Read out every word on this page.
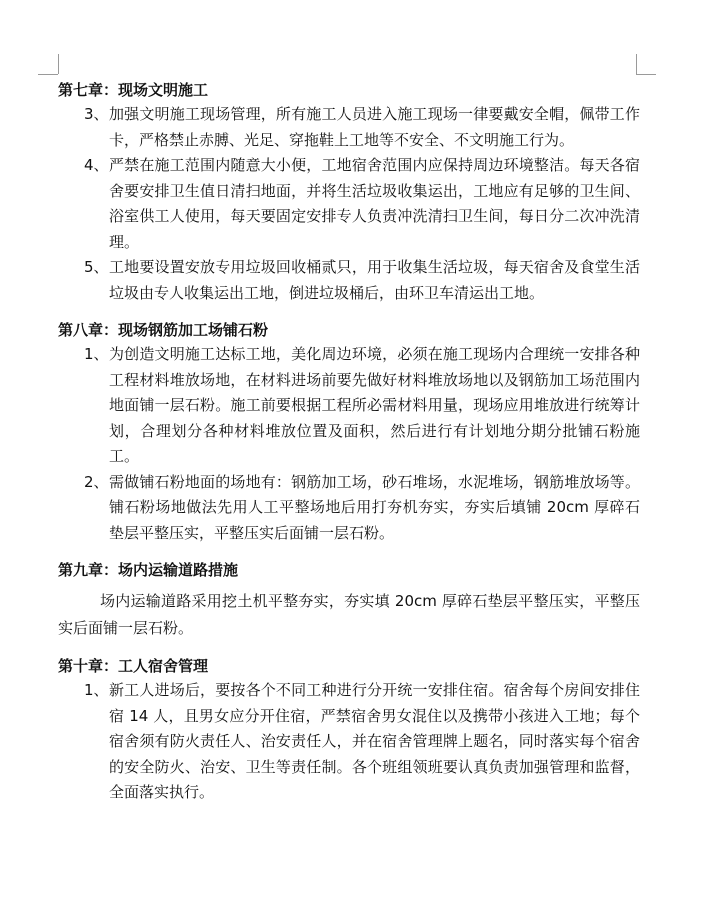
第七章：现场文明施工
3、 加强文明施工现场管理，所有施工人员进入施工现场一律要戴安全帽，佩带工作卡，严格禁止赤膊、光足、穿拖鞋上工地等不安全、不文明施工行为。
4、 严禁在施工范围内随意大小便，工地宿舍范围内应保持周边环境整洁。每天各宿舍要安排卫生值日清扫地面，并将生活垃圾收集运出，工地应有足够的卫生间、浴室供工人使用，每天要固定安排专人负责冲洗清扫卫生间，每日分二次冲洗清理。
5、 工地要设置安放专用垃圾回收桶贰只，用于收集生活垃圾，每天宿舍及食堂生活垃圾由专人收集运出工地，倒进垃圾桶后，由环卫车清运出工地。
第八章：现场钢筋加工场铺石粉
1、 为创造文明施工达标工地，美化周边环境，必须在施工现场内合理统一安排各种工程材料堆放场地，在材料进场前要先做好材料堆放场地以及钢筋加工场范围内地面铺一层石粉。施工前要根据工程所必需材料用量，现场应用堆放进行统筹计划，合理划分各种材料堆放位置及面积，然后进行有计划地分期分批铺石粉施工。
2、 需做铺石粉地面的场地有：钢筋加工场，砂石堆场，水泥堆场，钢筋堆放场等。铺石粉场地做法先用人工平整场地后用打夯机夯实，夯实后填铺 20cm 厚碎石垫层平整压实，平整压实后面铺一层石粉。
第九章：场内运输道路措施
场内运输道路采用挖土机平整夯实，夯实填 20cm 厚碎石垫层平整压实，平整压实后面铺一层石粉。
第十章：工人宿舍管理
1、 新工人进场后，要按各个不同工种进行分开统一安排住宿。宿舍每个房间安排住宿 14 人，且男女应分开住宿，严禁宿舍男女混住以及携带小孩进入工地；每个宿舍须有防火责任人、治安责任人，并在宿舍管理牌上题名，同时落实每个宿舍的安全防火、治安、卫生等责任制。各个班组领班要认真负责加强管理和监督，全面落实执行。
